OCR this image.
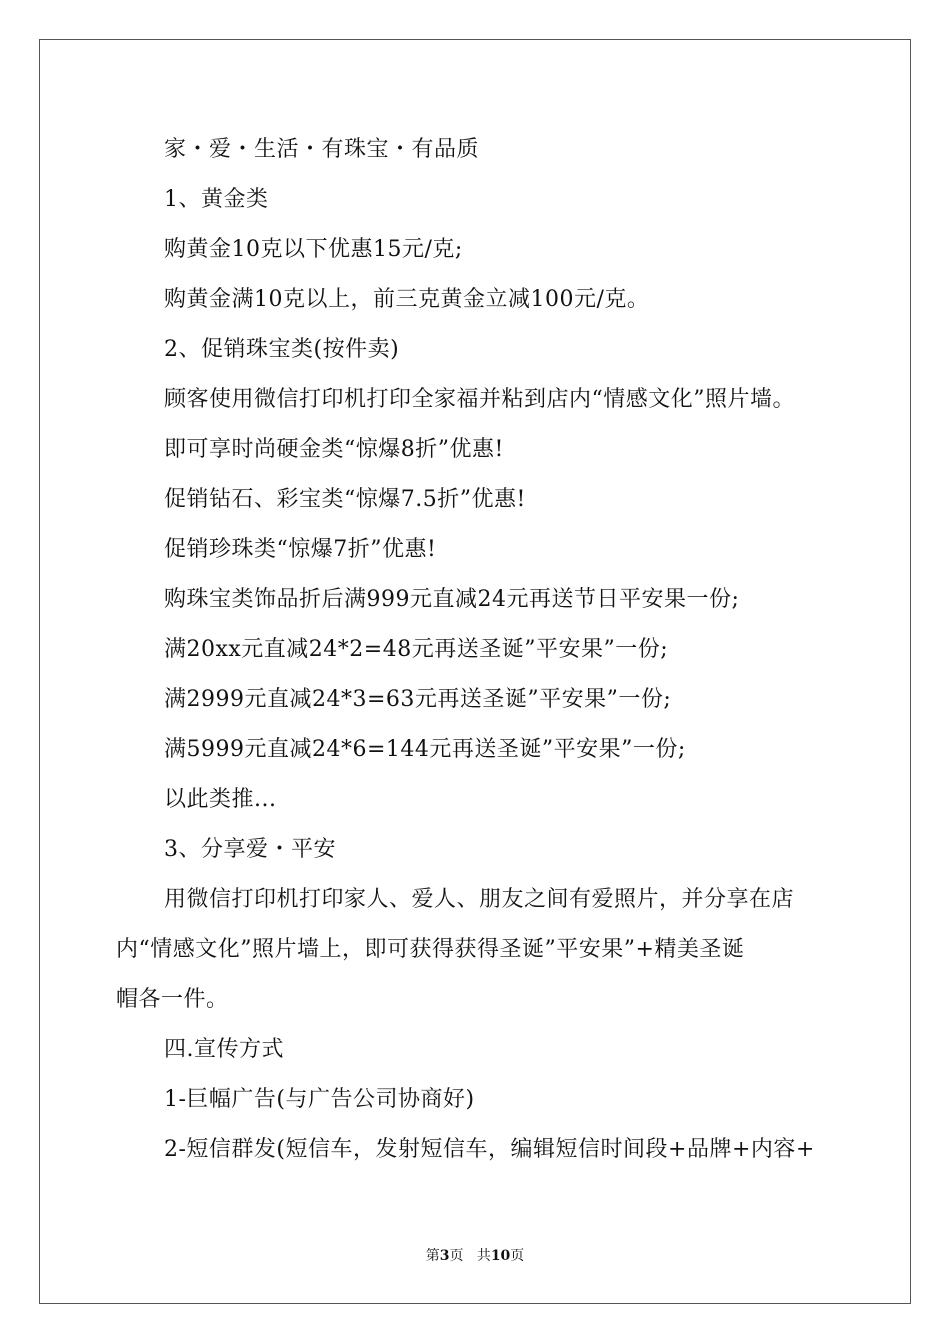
家・爱・生活・有珠宝・有品质
1、黄金类
购黄金10克以下优惠15元/克;
购黄金满10克以上，前三克黄金立减100元/克。
2、促销珠宝类(按件卖)
顾客使用微信打印机打印全家福并粘到店内“情感文化”照片墙。
即可享时尚硬金类“惊爆8折”优惠!
促销钻石、彩宝类“惊爆7.5折”优惠!
促销珍珠类“惊爆7折”优惠!
购珠宝类饰品折后满999元直减24元再送节日平安果一份;
满20xx元直减24*2=48元再送圣诞”平安果”一份;
满2999元直减24*3=63元再送圣诞”平安果”一份;
满5999元直减24*6=144元再送圣诞”平安果”一份;
以此类推...
3、分享爱・平安
用微信打印机打印家人、爱人、朋友之间有爱照片，并分享在店
内“情感文化”照片墙上，即可获得获得圣诞”平安果”+精美圣诞
帽各一件。
四.宣传方式
1-巨幅广告(与广告公司协商好)
2-短信群发(短信车，发射短信车，编辑短信时间段+品牌+内容+
第3页 共10页
